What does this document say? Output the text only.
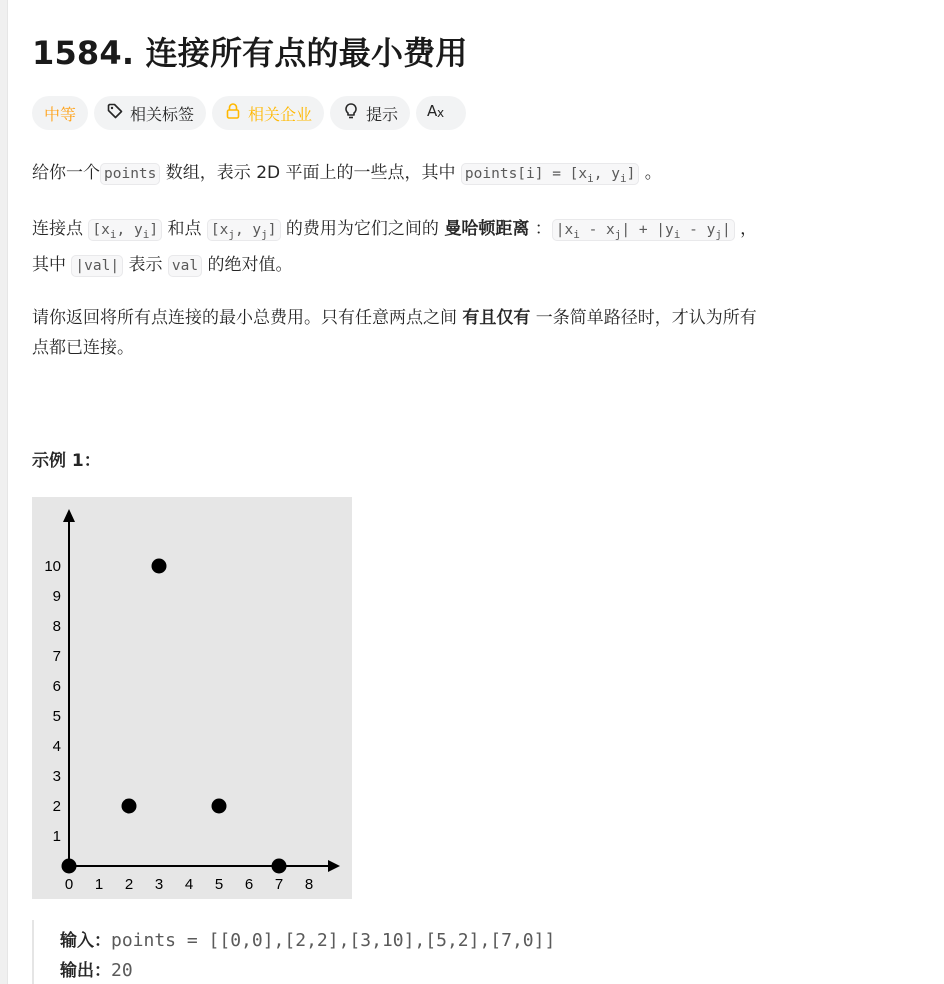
1584. 连接所有点的最小费用
中等	相关标签	相关企业	提示 A x
给你一个 points 数组，表示 2D 平面上的一些点，其中 points[i] = [$x_i$, $y_i$] 。
连接点 [$x_i$, $y_i$] 和点 [$x_j$, $y_j$] 的费用为它们之间的 曼哈顿距离 ： $|x_i - x_j| + |y_i - y_j|$ ，
其中 |val| 表示 val 的绝对值。
请你返回将所有点连接的最小总费用。只有任意两点之间 有且仅有 一条简单路径时，才认为所有
点都已连接。
示例 1：
0 1 2 3 4 5 6 7 8
1
2
3
4
5
6
7
8
9
10
输入：points = [[0,0],[2,2],[3,10],[5,2],[7,0]]
输出：20
